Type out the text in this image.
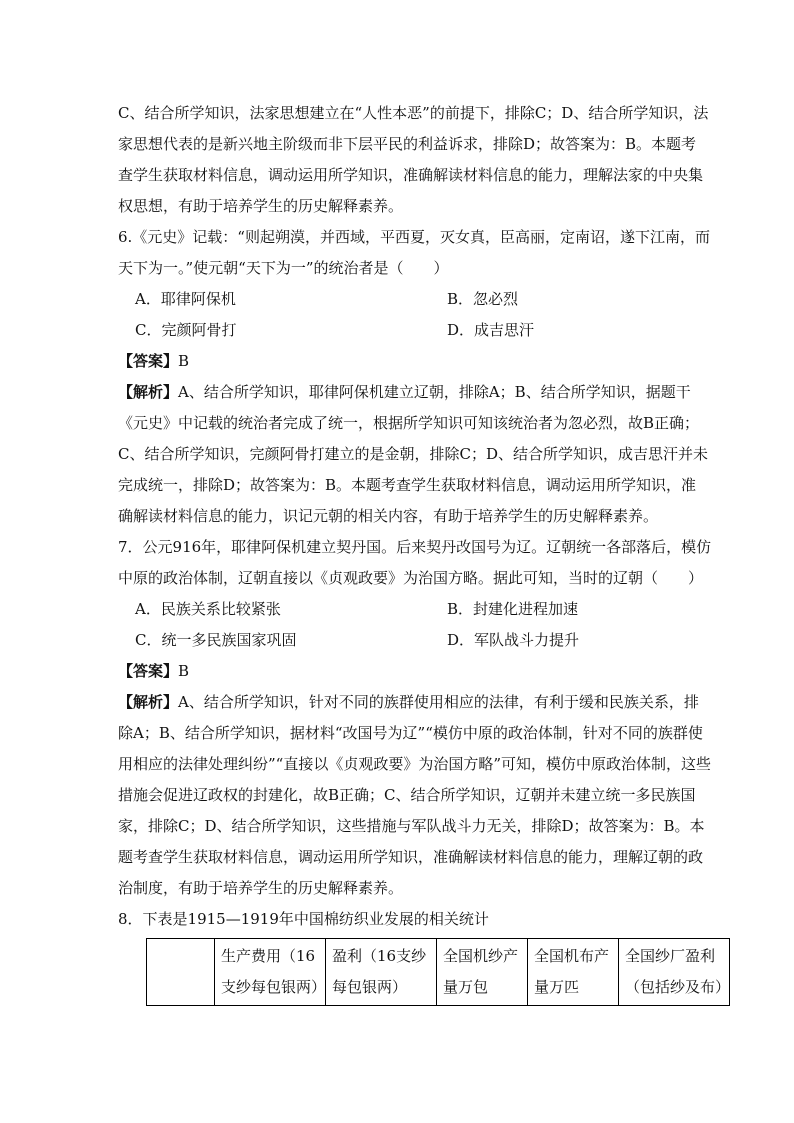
C、结合所学知识，法家思想建立在“人性本恶”的前提下，排除C；D、结合所学知识，法
家思想代表的是新兴地主阶级而非下层平民的利益诉求，排除D；故答案为：B。本题考
查学生获取材料信息，调动运用所学知识，准确解读材料信息的能力，理解法家的中央集
权思想，有助于培养学生的历史解释素养。
6.《元史》记载：“则起朔漠，并西域，平西夏，灭女真，臣高丽，定南诏，遂下江南，而
天下为一。”使元朝“天下为一”的统治者是（　　）
A．耶律阿保机	B．忽必烈
C．完颜阿骨打	D．成吉思汗
【答案】B
【解析】A、结合所学知识，耶律阿保机建立辽朝，排除A；B、结合所学知识，据题干
《元史》中记载的统治者完成了统一，根据所学知识可知该统治者为忽必烈，故B正确；
C、结合所学知识，完颜阿骨打建立的是金朝，排除C；D、结合所学知识，成吉思汗并未
完成统一，排除D；故答案为：B。本题考查学生获取材料信息，调动运用所学知识，准
确解读材料信息的能力，识记元朝的相关内容，有助于培养学生的历史解释素养。
7．公元916年，耶律阿保机建立契丹国。后来契丹改国号为辽。辽朝统一各部落后，模仿
中原的政治体制，辽朝直接以《贞观政要》为治国方略。据此可知，当时的辽朝（　　）
A．民族关系比较紧张	B．封建化进程加速
C．统一多民族国家巩固	D．军队战斗力提升
【答案】B
【解析】A、结合所学知识，针对不同的族群使用相应的法律，有利于缓和民族关系，排
除A；B、结合所学知识，据材料“改国号为辽”“模仿中原的政治体制，针对不同的族群使
用相应的法律处理纠纷”“直接以《贞观政要》为治国方略”可知，模仿中原政治体制，这些
措施会促进辽政权的封建化，故B正确；C、结合所学知识，辽朝并未建立统一多民族国
家，排除C；D、结合所学知识，这些措施与军队战斗力无关，排除D；故答案为：B。本
题考查学生获取材料信息，调动运用所学知识，准确解读材料信息的能力，理解辽朝的政
治制度，有助于培养学生的历史解释素养。
8．下表是1915—1919年中国棉纺织业发展的相关统计
	生产费用（16支纱每包银两）	盈利（16支纱每包银两）	全国机纱产量万包	全国机布产量万匹	全国纱厂盈利（包括纱及布）
